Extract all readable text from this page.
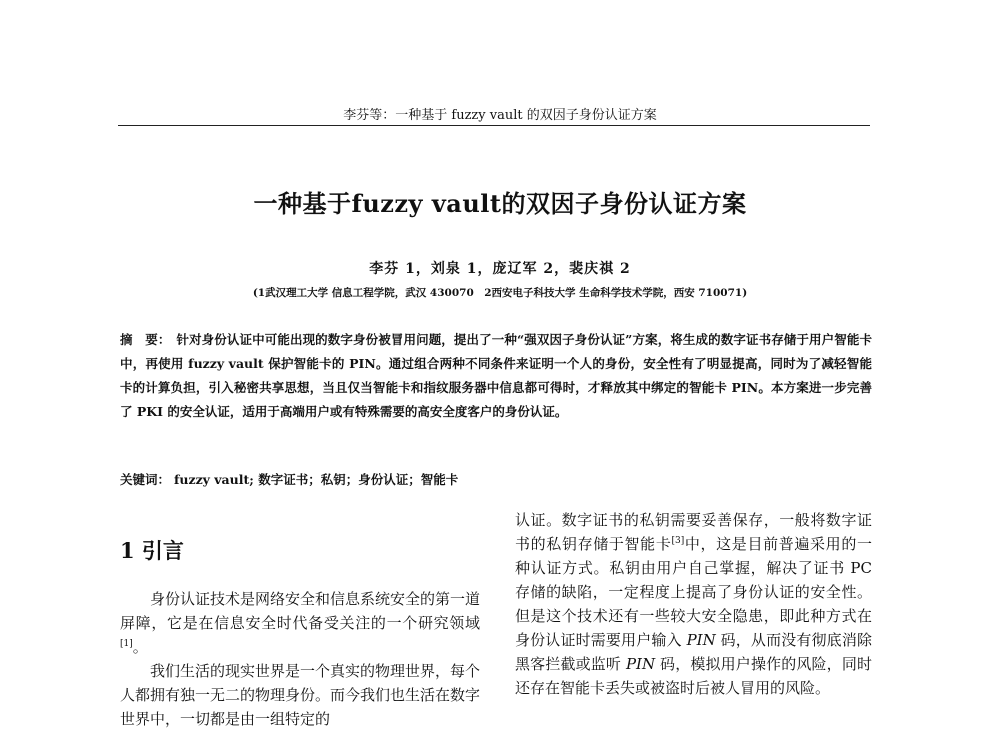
李芬等：一种基于 fuzzy vault 的双因子身份认证方案
一种基于fuzzy vault的双因子身份认证方案
李芬 1，刘泉 1，庞辽军 2，裴庆祺 2
(1武汉理工大学 信息工程学院，武汉 430070　2西安电子科技大学 生命科学技术学院，西安 710071)
摘　要： 针对身份认证中可能出现的数字身份被冒用问题，提出了一种“强双因子身份认证”方案，将生成的数字证书存储于用户智能卡中，再使用 fuzzy vault 保护智能卡的 PIN。通过组合两种不同条件来证明一个人的身份，安全性有了明显提高，同时为了减轻智能卡的计算负担，引入秘密共享思想，当且仅当智能卡和指纹服务器中信息都可得时，才释放其中绑定的智能卡 PIN。本方案进一步完善了 PKI 的安全认证，适用于高端用户或有特殊需要的高安全度客户的身份认证。
关键词： fuzzy vault; 数字证书；私钥；身份认证；智能卡
1 引言

身份认证技术是网络安全和信息系统安全的第一道屏障，它是在信息安全时代备受关注的一个研究领域[1]。

我们生活的现实世界是一个真实的物理世界，每个人都拥有独一无二的物理身份。而今我们也生活在数字世界中，一切都是由一组特定的

认证。数字证书的私钥需要妥善保存，一般将数字证书的私钥存储于智能卡[3]中，这是目前普遍采用的一种认证方式。私钥由用户自己掌握，解决了证书 PC 存储的缺陷，一定程度上提高了身份认证的安全性。但是这个技术还有一些较大安全隐患，即此种方式在身份认证时需要用户输入 PIN 码，从而没有彻底消除黑客拦截或监听 PIN 码，模拟用户操作的风险，同时还存在智能卡丢失或被盗时后被人冒用的风险。
